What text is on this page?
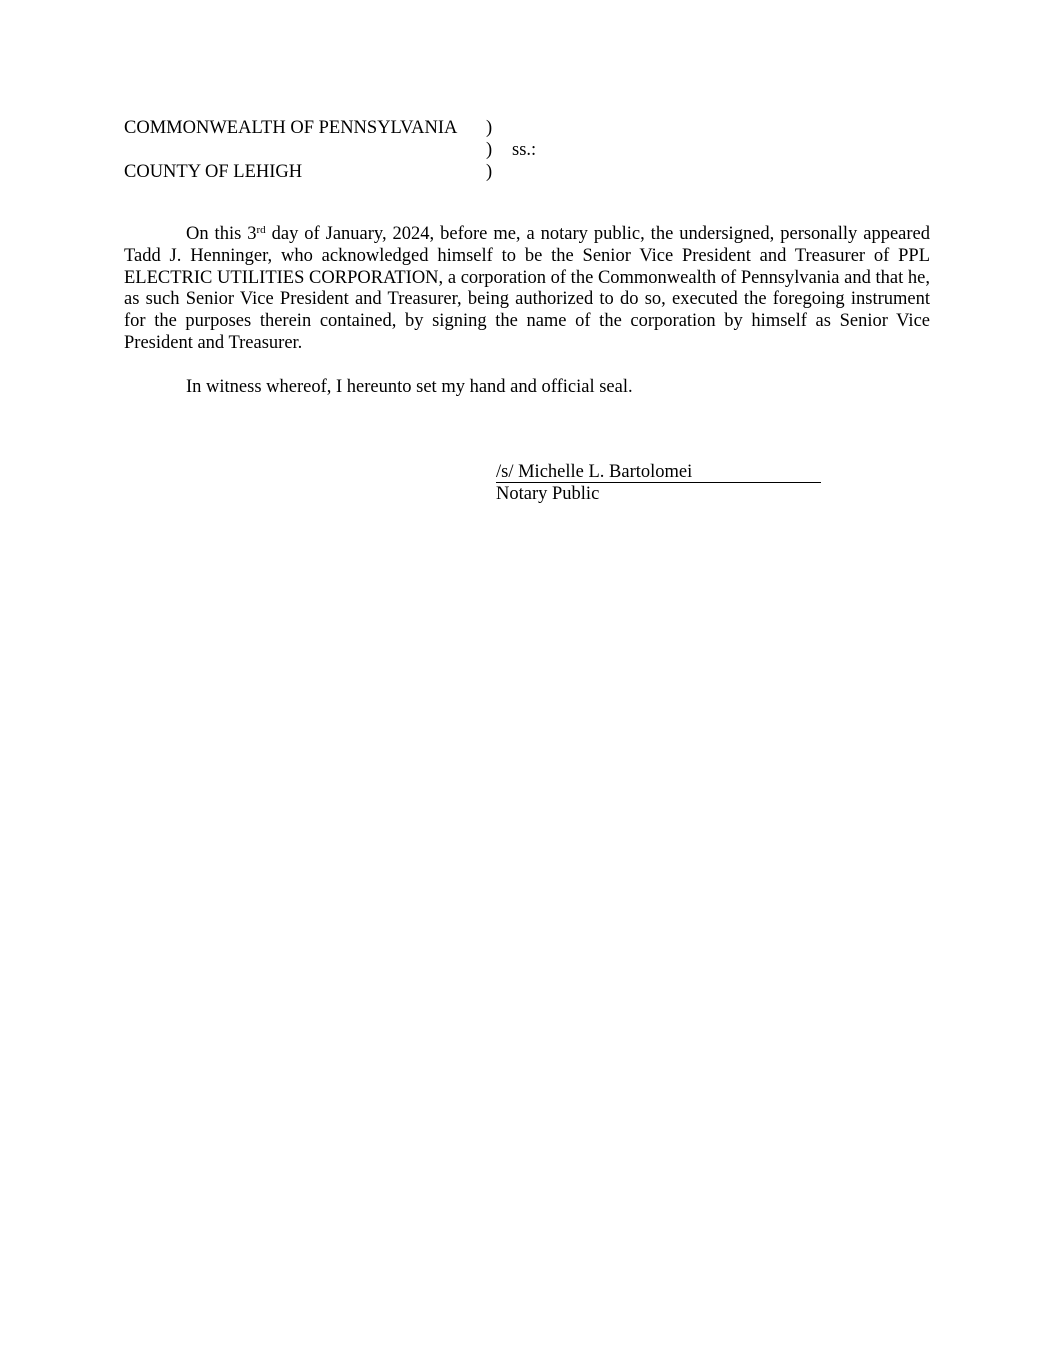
COMMONWEALTH OF PENNSYLVANIA )
) ss.:
COUNTY OF LEHIGH	)

On this 3rd day of January, 2024, before me, a notary public, the undersigned, personally appeared Tadd J. Henninger, who acknowledged himself to be the Senior Vice President and Treasurer of PPL ELECTRIC UTILITIES CORPORATION, a corporation of the Commonwealth of Pennsylvania and that he, as such Senior Vice President and Treasurer, being authorized to do so, executed the foregoing instrument for the purposes therein contained, by signing the name of the corporation by himself as Senior Vice President and Treasurer.

In witness whereof, I hereunto set my hand and official seal.

/s/ Michelle L. Bartolomei
Notary Public
